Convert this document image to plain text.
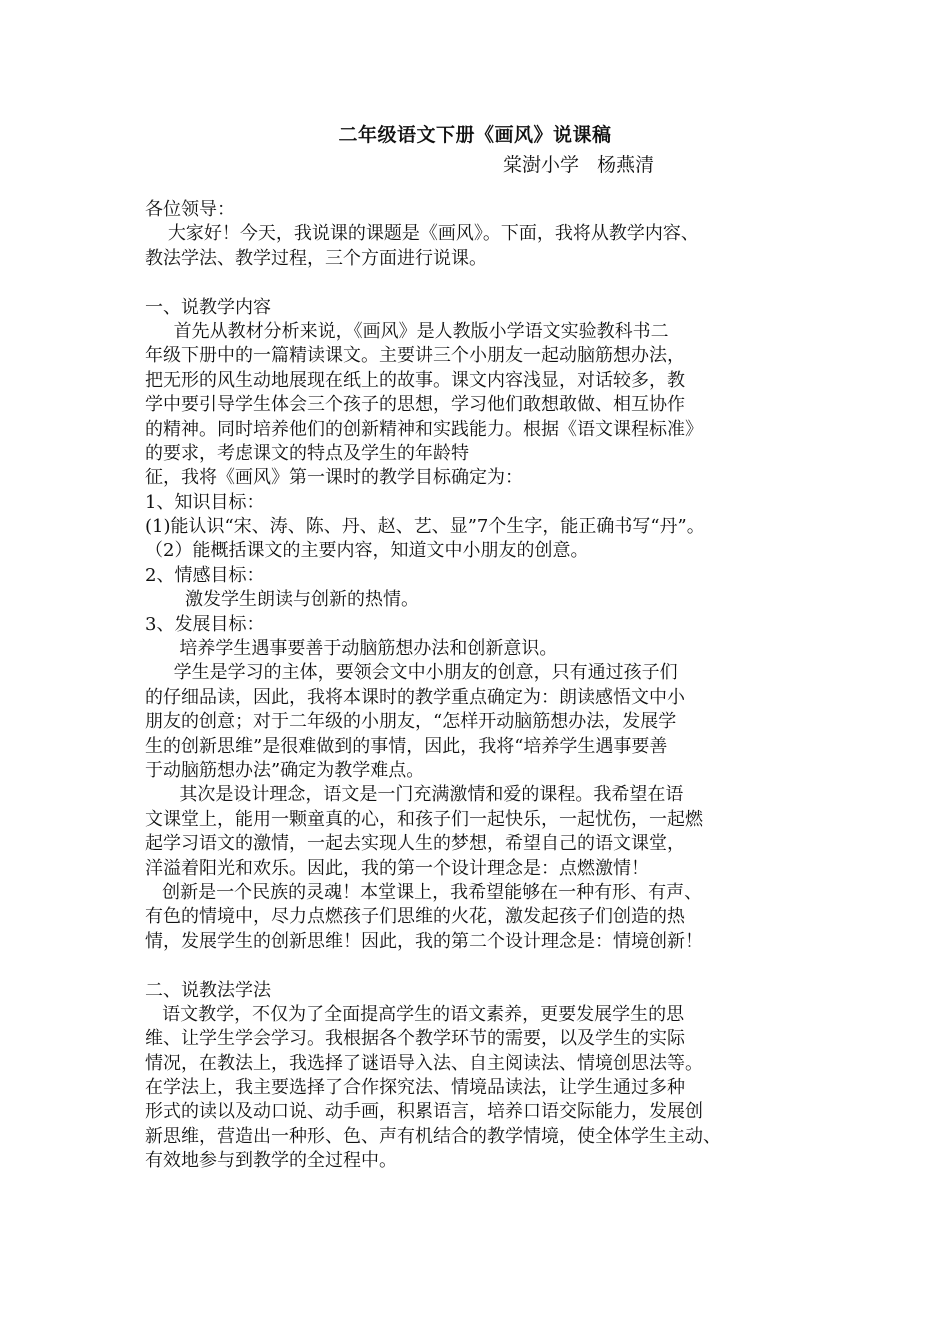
二年级语文下册《画风》说课稿
棠澍小学   杨燕清
各位领导：
大家好！今天，我说课的课题是《画风》。下面，我将从教学内容、
教法学法、教学过程，三个方面进行说课。
一、说教学内容
首先从教材分析来说，《画风》是人教版小学语文实验教科书二
年级下册中的一篇精读课文。主要讲三个小朋友一起动脑筋想办法，
把无形的风生动地展现在纸上的故事。课文内容浅显，对话较多，教
学中要引导学生体会三个孩子的思想，学习他们敢想敢做、相互协作
的精神。同时培养他们的创新精神和实践能力。根据《语文课程标准》
的要求，考虑课文的特点及学生的年龄特
征，我将《画风》第一课时的教学目标确定为：
1、知识目标：
(1)能认识“宋、涛、陈、丹、赵、艺、显”7个生字，能正确书写“丹”。
（2）能概括课文的主要内容，知道文中小朋友的创意。
2、情感目标：
激发学生朗读与创新的热情。
3、发展目标：
培养学生遇事要善于动脑筋想办法和创新意识。
学生是学习的主体，要领会文中小朋友的创意，只有通过孩子们
的仔细品读，因此，我将本课时的教学重点确定为：朗读感悟文中小
朋友的创意；对于二年级的小朋友，“怎样开动脑筋想办法，发展学
生的创新思维”是很难做到的事情，因此，我将“培养学生遇事要善
于动脑筋想办法”确定为教学难点。
其次是设计理念，语文是一门充满激情和爱的课程。我希望在语
文课堂上，能用一颗童真的心，和孩子们一起快乐，一起忧伤，一起燃
起学习语文的激情，一起去实现人生的梦想，希望自己的语文课堂，
洋溢着阳光和欢乐。因此，我的第一个设计理念是：点燃激情！
创新是一个民族的灵魂！本堂课上，我希望能够在一种有形、有声、
有色的情境中，尽力点燃孩子们思维的火花，激发起孩子们创造的热
情，发展学生的创新思维！因此，我的第二个设计理念是：情境创新！
二、说教法学法
语文教学，不仅为了全面提高学生的语文素养，更要发展学生的思
维、让学生学会学习。我根据各个教学环节的需要，以及学生的实际
情况，在教法上，我选择了谜语导入法、自主阅读法、情境创思法等。
在学法上，我主要选择了合作探究法、情境品读法，让学生通过多种
形式的读以及动口说、动手画，积累语言，培养口语交际能力，发展创
新思维，营造出一种形、色、声有机结合的教学情境，使全体学生主动、
有效地参与到教学的全过程中。
